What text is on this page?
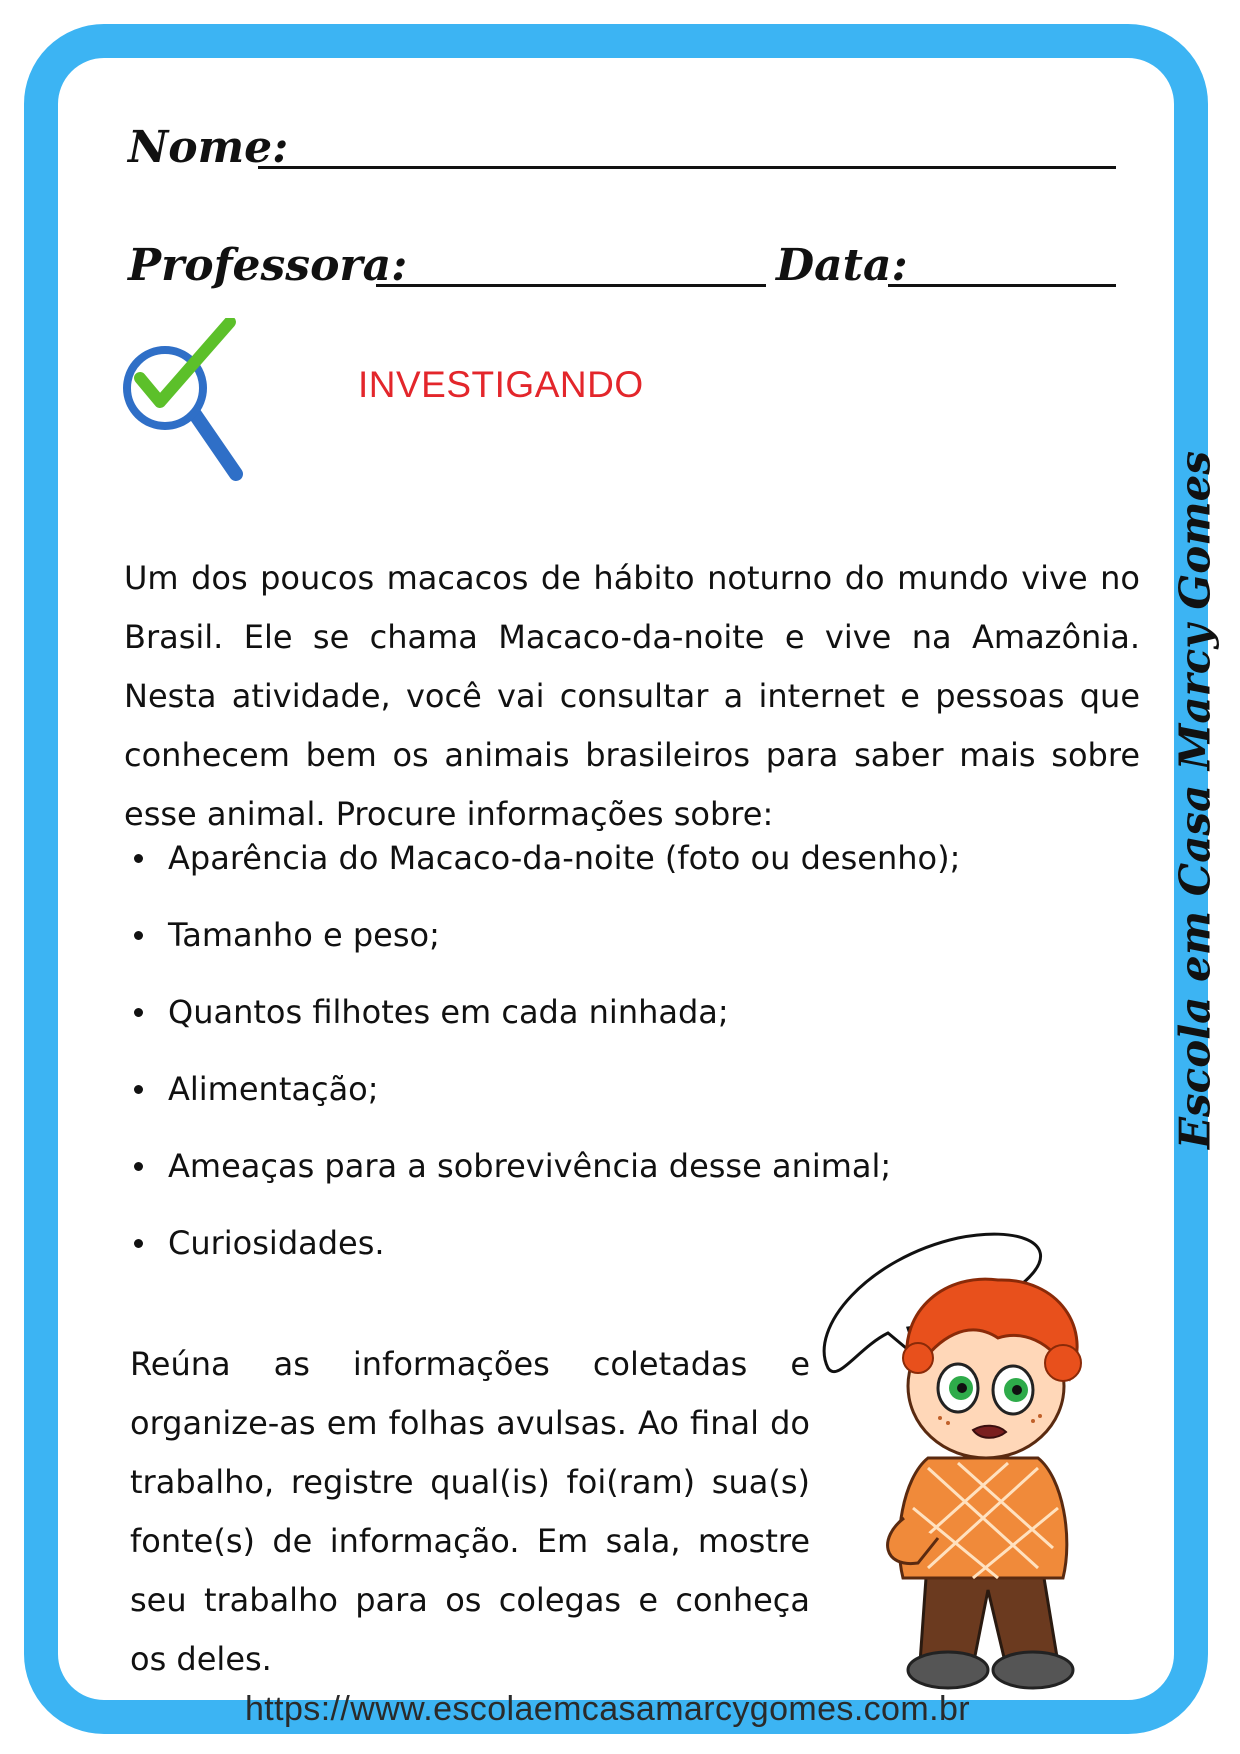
Nome:
Professora:	Data:
INVESTIGANDO

Um dos poucos macacos de hábito noturno do mundo vive no Brasil. Ele se chama Macaco-da-noite e vive na Amazônia. Nesta atividade, você vai consultar a internet e pessoas que conhecem bem os animais brasileiros para saber mais sobre esse animal. Procure informações sobre:

Aparência do Macaco-da-noite (foto ou desenho);
Tamanho e peso;
Quantos filhotes em cada ninhada;
Alimentação;
Ameaças para a sobrevivência desse animal;
Curiosidades.

Reúna as informações coletadas e organize-as em folhas avulsas. Ao final do trabalho, registre qual(is) foi(ram) sua(s) fonte(s) de informação. Em sala, mostre seu trabalho para os colegas e conheça os deles.

Escola em Casa Marcy Gomes
https://www.escolaemcasamarcygomes.com.br
